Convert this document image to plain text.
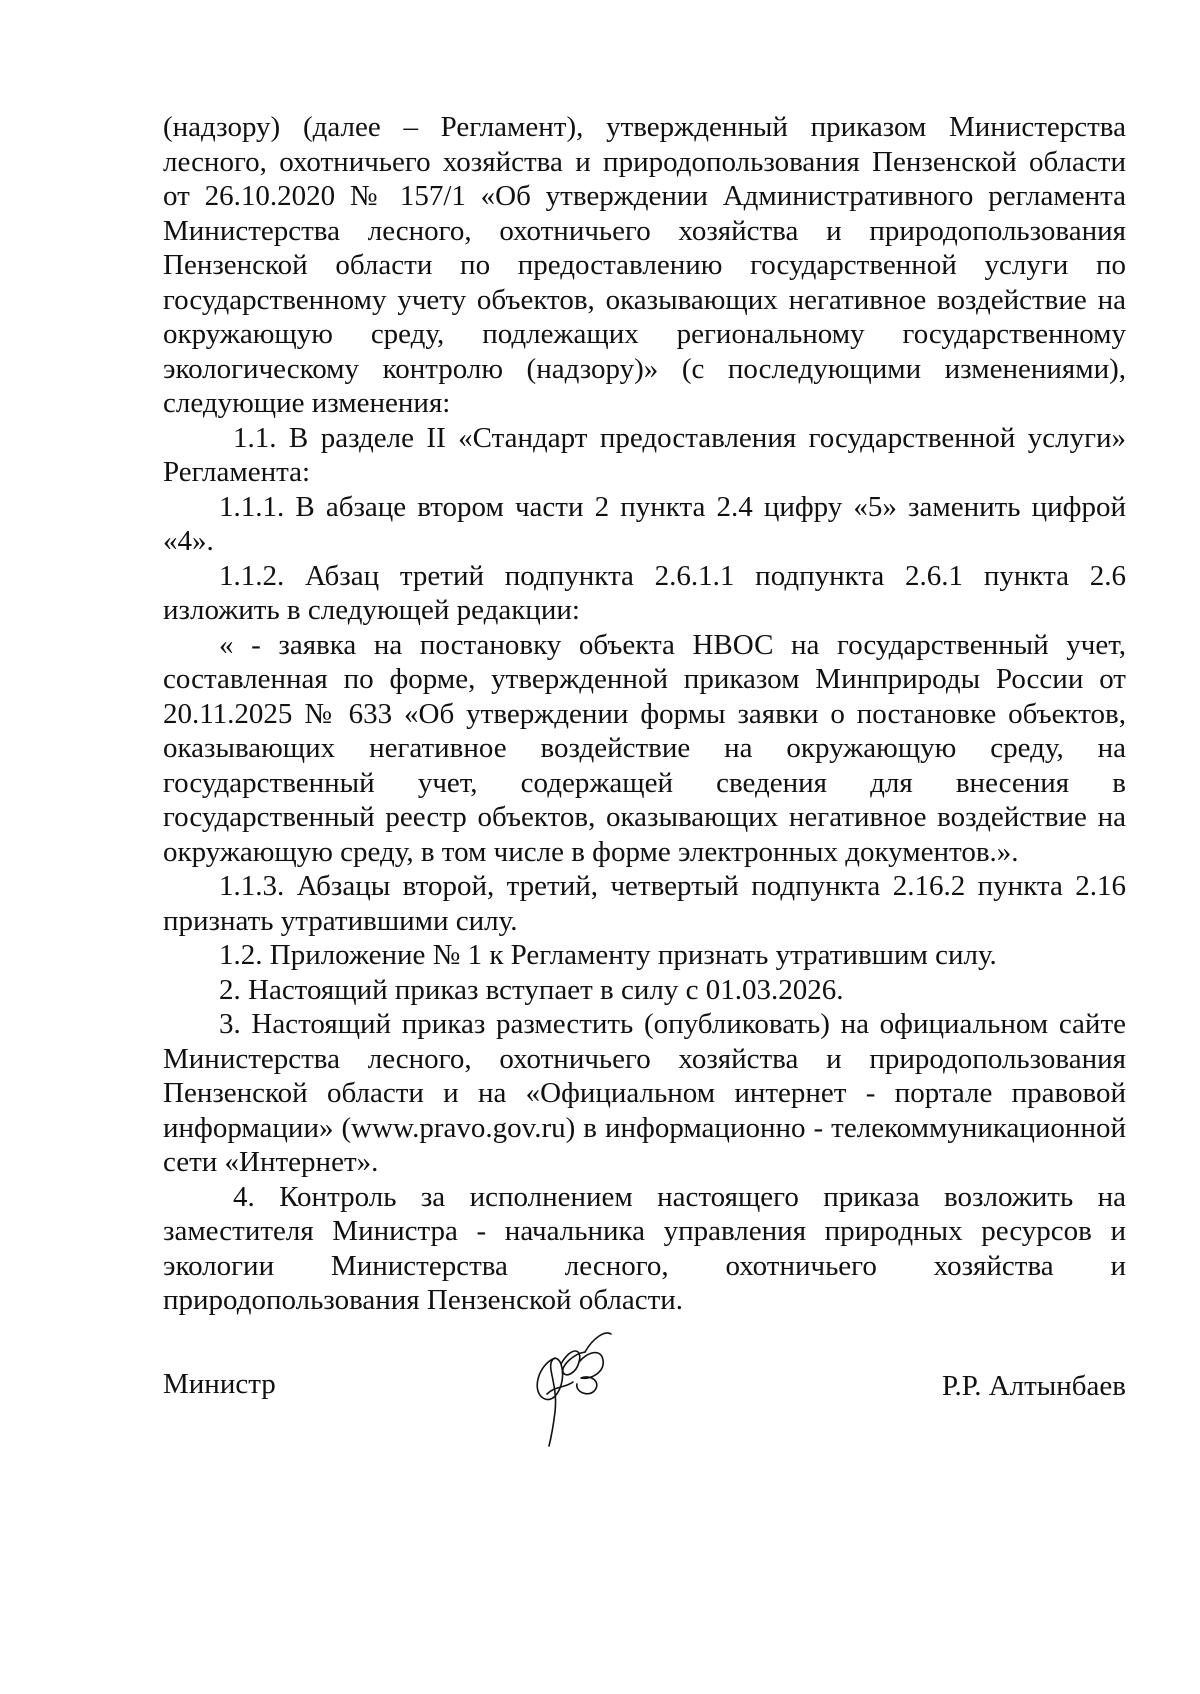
(надзору) (далее – Регламент), утвержденный приказом Министерства лесного, охотничьего хозяйства и природопользования Пензенской области от 26.10.2020 № 157/1 «Об утверждении Административного регламента Министерства лесного, охотничьего хозяйства и природопользования Пензенской области по предоставлению государственной услуги по государственному учету объектов, оказывающих негативное воздействие на окружающую среду, подлежащих региональному государственному экологическому контролю (надзору)» (с последующими изменениями), следующие изменения:

1.1. В разделе II «Стандарт предоставления государственной услуги» Регламента:

1.1.1. В абзаце втором части 2 пункта 2.4 цифру «5» заменить цифрой «4».

1.1.2. Абзац третий подпункта 2.6.1.1 подпункта 2.6.1 пункта 2.6 изложить в следующей редакции:

« - заявка на постановку объекта НВОС на государственный учет, составленная по форме, утвержденной приказом Минприроды России от 20.11.2025 № 633 «Об утверждении формы заявки о постановке объектов, оказывающих негативное воздействие на окружающую среду, на государственный учет, содержащей сведения для внесения в государственный реестр объектов, оказывающих негативное воздействие на окружающую среду, в том числе в форме электронных документов.».

1.1.3. Абзацы второй, третий, четвертый подпункта 2.16.2 пункта 2.16 признать утратившими силу.

1.2. Приложение № 1 к Регламенту признать утратившим силу.

2. Настоящий приказ вступает в силу с 01.03.2026.

3. Настоящий приказ разместить (опубликовать) на официальном сайте Министерства лесного, охотничьего хозяйства и природопользования Пензенской области и на «Официальном интернет - портале правовой информации» (www.pravo.gov.ru) в информационно - телекоммуникационной сети «Интернет».

4. Контроль за исполнением настоящего приказа возложить на заместителя Министра - начальника управления природных ресурсов и экологии Министерства лесного, охотничьего хозяйства и природопользования Пензенской области.

Министр	Р.Р. Алтынбаев
